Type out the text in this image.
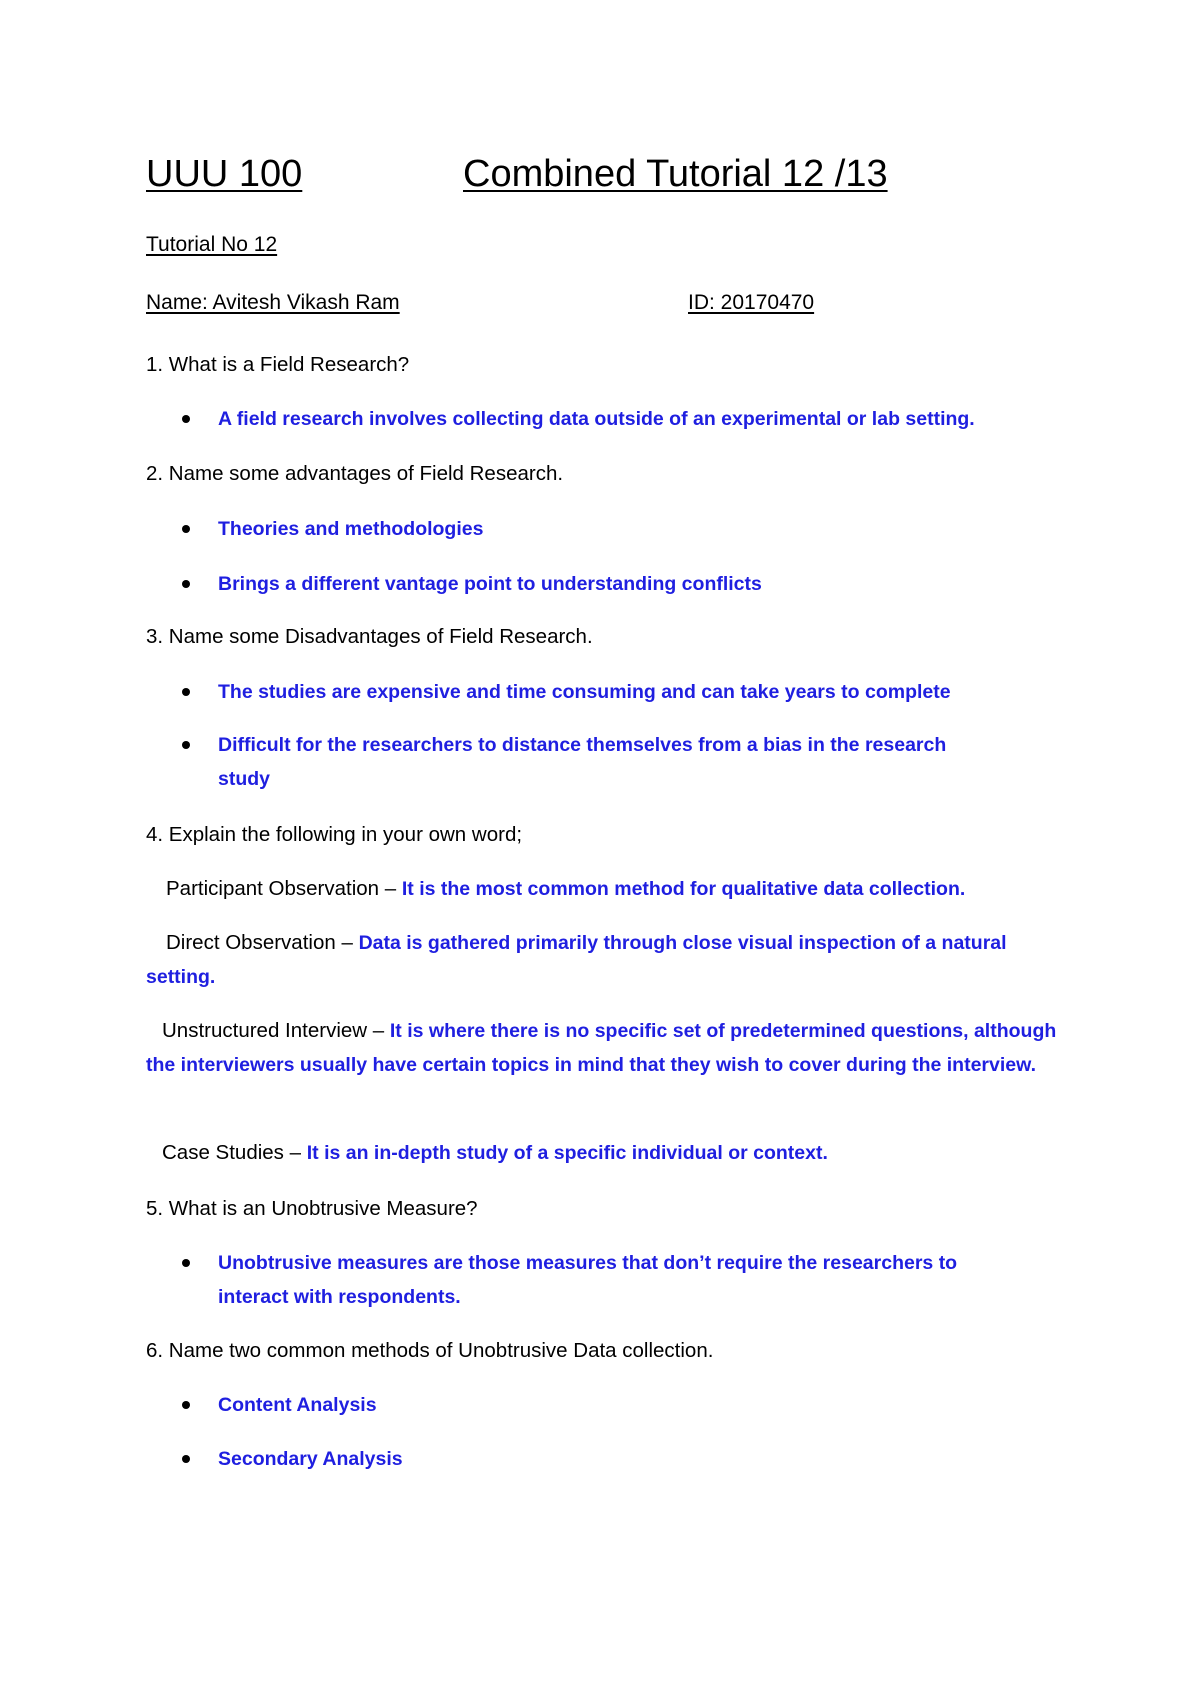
UUU 100	Combined Tutorial 12 /13
Tutorial No 12
Name: Avitesh Vikash Ram	ID: 20170470
1. What is a Field Research?
A field research involves collecting data outside of an experimental or lab setting.
2. Name some advantages of Field Research.
Theories and methodologies
Brings a different vantage point to understanding conflicts
3. Name some Disadvantages of Field Research.
The studies are expensive and time consuming and can take years to complete
Difficult for the researchers to distance themselves from a bias in the research study
4. Explain the following in your own word;
Participant Observation – It is the most common method for qualitative data collection.
Direct Observation – Data is gathered primarily through close visual inspection of a natural setting.
Unstructured Interview – It is where there is no specific set of predetermined questions, although the interviewers usually have certain topics in mind that they wish to cover during the interview.
Case Studies – It is an in-depth study of a specific individual or context.
5. What is an Unobtrusive Measure?
Unobtrusive measures are those measures that don’t require the researchers to interact with respondents.
6. Name two common methods of Unobtrusive Data collection.
Content Analysis
Secondary Analysis
